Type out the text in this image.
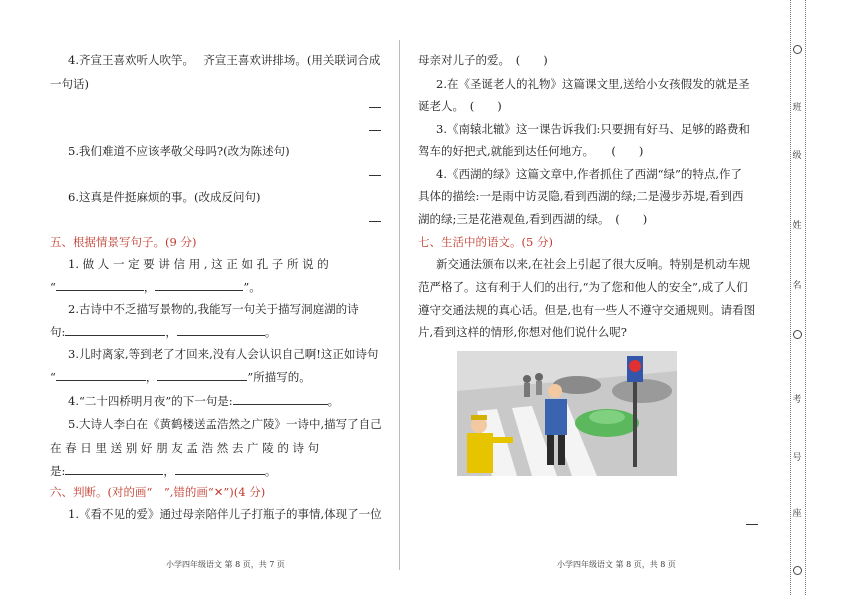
4.齐宣王喜欢听人吹竽。　 齐宣王喜欢讲排场。(用关联词合成
一句话)
5.我们难道不应该孝敬父母吗?(改为陈述句)
6.这真是件挺麻烦的事。(改成反问句)
五、根据情景写句子。(9 分)
1. 做 人 一 定 要 讲 信 用 , 这 正 如 孔 子 所 说 的
“	，	”。
2.古诗中不乏描写景物的,我能写一句关于描写洞庭湖的诗
句:	，	。
3.儿时离家,等到老了才回来,没有人会认识自己啊!这正如诗句
“	，	”所描写的。
4.“二十四桥明月夜”的下一句是:	。
5.大诗人李白在《黄鹤楼送孟浩然之广陵》一诗中,描写了自己
在 春 日 里 送 别 好 朋 友 孟 浩 然 去 广 陵 的 诗 句
是:	，	。
六、判断。(对的画“　”,错的画“✕”)(4 分)
1.《看不见的爱》通过母亲陪伴儿子打瓶子的事情,体现了一位
小学四年级语文 第 8 页，共 7 页
母亲对儿子的爱。　(　　)
2.在《圣诞老人的礼物》这篇课文里,送给小女孩假发的就是圣
诞老人。　(　　)
3.《南辕北辙》这一课告诉我们:只要拥有好马、足够的路费和
驾车的好把式,就能到达任何地方。　　(　　)
4.《西湖的绿》这篇文章中,作者抓住了西湖“绿”的特点,作了
具体的描绘:一是雨中访灵隐,看到西湖的绿;二是漫步苏堤,看到西
湖的绿;三是花港观鱼,看到西湖的绿。　(　　)
七、生活中的语文。(5 分)
新交通法颁布以来,在社会上引起了很大反响。特别是机动车规
范严格了。这有利于人们的出行,“为了您和他人的安全”,成了人们
遵守交通法规的真心话。但是,也有一些人不遵守交通规则。请看图
片,看到这样的情形,你想对他们说什么呢?
小学四年级语文 第 8 页，共 8 页
班
级
姓
名
考
号
座
